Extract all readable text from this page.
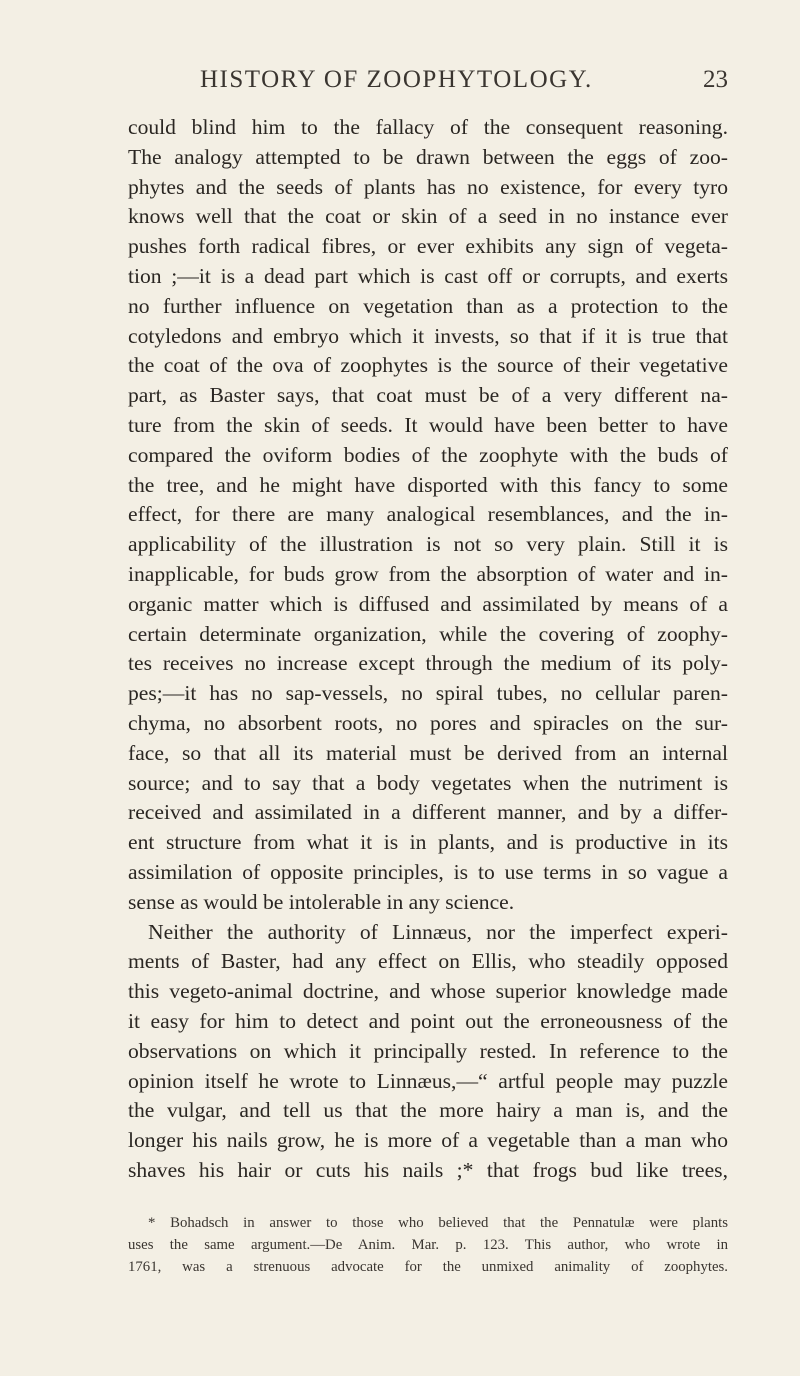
HISTORY OF ZOOPHYTOLOGY.	23
could blind him to the fallacy of the consequent reasoning.
The analogy attempted to be drawn between the eggs of zoo-
phytes and the seeds of plants has no existence, for every tyro
knows well that the coat or skin of a seed in no instance ever
pushes forth radical fibres, or ever exhibits any sign of vegeta-
tion ;—it is a dead part which is cast off or corrupts, and exerts
no further influence on vegetation than as a protection to the
cotyledons and embryo which it invests, so that if it is true that
the coat of the ova of zoophytes is the source of their vegetative
part, as Baster says, that coat must be of a very different na-
ture from the skin of seeds. It would have been better to have
compared the oviform bodies of the zoophyte with the buds of
the tree, and he might have disported with this fancy to some
effect, for there are many analogical resemblances, and the in-
applicability of the illustration is not so very plain. Still it is
inapplicable, for buds grow from the absorption of water and in-
organic matter which is diffused and assimilated by means of a
certain determinate organization, while the covering of zoophy-
tes receives no increase except through the medium of its poly-
pes;—it has no sap-vessels, no spiral tubes, no cellular paren-
chyma, no absorbent roots, no pores and spiracles on the sur-
face, so that all its material must be derived from an internal
source; and to say that a body vegetates when the nutriment is
received and assimilated in a different manner, and by a differ-
ent structure from what it is in plants, and is productive in its
assimilation of opposite principles, is to use terms in so vague a
sense as would be intolerable in any science.
Neither the authority of Linnæus, nor the imperfect experi-
ments of Baster, had any effect on Ellis, who steadily opposed
this vegeto-animal doctrine, and whose superior knowledge made
it easy for him to detect and point out the erroneousness of the
observations on which it principally rested. In reference to the
opinion itself he wrote to Linnæus,—“ artful people may puzzle
the vulgar, and tell us that the more hairy a man is, and the
longer his nails grow, he is more of a vegetable than a man who
shaves his hair or cuts his nails ;* that frogs bud like trees,
* Bohadsch in answer to those who believed that the Pennatulæ were plants
uses the same argument.—De Anim. Mar. p. 123. This author, who wrote in
1761, was a strenuous advocate for the unmixed animality of zoophytes.
